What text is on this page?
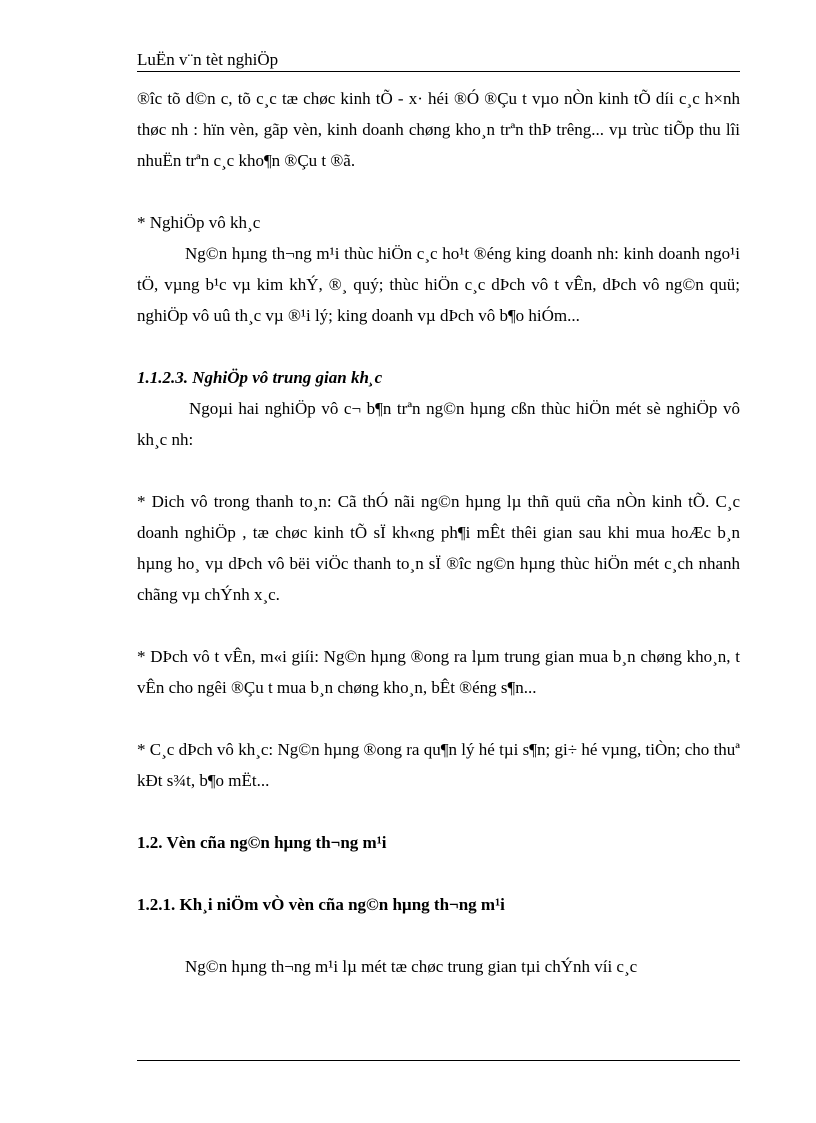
LuËn v¨n tèt nghiÖp

®îc tõ d©n c, tõ c¸c tæ chøc kinh tÕ - x· héi ®Ó ®Çu t vµo nÒn kinh tÕ díi c¸c h×nh thøc nh : hïn vèn, gãp vèn, kinh doanh chøng kho¸n trªn thÞ trêng... vµ trùc tiÕp thu lîi nhuËn trªn c¸c kho¶n ®Çu t ®ã.

* NghiÖp vô kh¸c

Ng©n hµng th¬ng m¹i thùc hiÖn c¸c ho¹t ®éng king doanh nh: kinh doanh ngo¹i tÖ, vµng b¹c vµ kim khÝ, ®¸ quý; thùc hiÖn c¸c dÞch vô t vÊn, dÞch vô ng©n quü; nghiÖp vô uû th¸c vµ ®¹i lý; king doanh vµ dÞch vô b¶o hiÓm...

1.1.2.3. NghiÖp vô trung gian kh¸c

Ngoµi hai nghiÖp vô c¬ b¶n trªn ng©n hµng cßn thùc hiÖn mét sè nghiÖp vô kh¸c nh:

* Dich vô trong thanh to¸n: Cã thÓ nãi ng©n hµng lµ thñ quü cña nÒn kinh tÕ. C¸c doanh nghiÖp , tæ chøc kinh tÕ sÏ kh«ng ph¶i mÊt thêi gian sau khi mua hoÆc b¸n hµng ho¸ vµ dÞch vô bëi viÖc thanh to¸n sÏ ®îc ng©n hµng thùc hiÖn mét c¸ch nhanh chãng vµ chÝnh x¸c.

* DÞch vô t vÊn, m«i giíi: Ng©n hµng ®ong ra lµm trung gian mua b¸n chøng kho¸n, t vÊn cho ngêi ®Çu t mua b¸n chøng kho¸n, bÊt ®éng s¶n...

* C¸c dÞch vô kh¸c: Ng©n hµng ®ong ra qu¶n lý hé tµi s¶n; gi÷ hé vµng, tiÒn; cho thuª kÐt s¾t, b¶o mËt...

1.2. Vèn cña ng©n hµng th¬ng m¹i

1.2.1. Kh¸i niÖm vÒ vèn cña ng©n hµng th¬ng m¹i

Ng©n hµng th¬ng m¹i lµ mét tæ chøc trung gian tµi chÝnh víi c¸c
